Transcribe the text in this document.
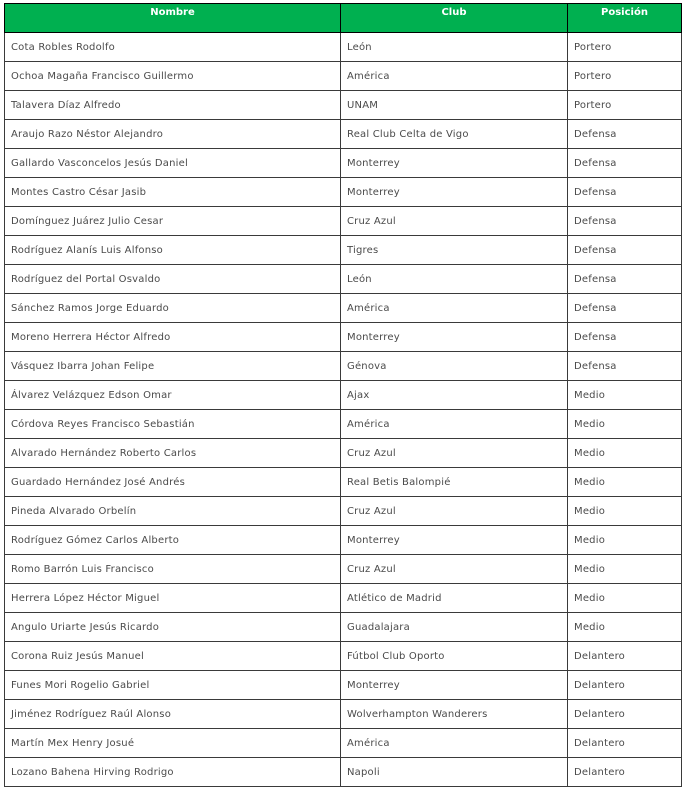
Nombre	Club	Posición
Cota Robles Rodolfo	León	Portero
Ochoa Magaña Francisco Guillermo	América	Portero
Talavera Díaz Alfredo	UNAM	Portero
Araujo Razo Néstor Alejandro	Real Club Celta de Vigo	Defensa
Gallardo Vasconcelos Jesús Daniel	Monterrey	Defensa
Montes Castro César Jasib	Monterrey	Defensa
Domínguez Juárez Julio Cesar	Cruz Azul	Defensa
Rodríguez Alanís Luis Alfonso	Tigres	Defensa
Rodríguez del Portal Osvaldo	León	Defensa
Sánchez Ramos Jorge Eduardo	América	Defensa
Moreno Herrera Héctor Alfredo	Monterrey	Defensa
Vásquez Ibarra Johan Felipe	Génova	Defensa
Álvarez Velázquez Edson Omar	Ajax	Medio
Córdova Reyes Francisco Sebastián	América	Medio
Alvarado Hernández Roberto Carlos	Cruz Azul	Medio
Guardado Hernández José Andrés	Real Betis Balompié	Medio
Pineda Alvarado Orbelín	Cruz Azul	Medio
Rodríguez Gómez Carlos Alberto	Monterrey	Medio
Romo Barrón Luis Francisco	Cruz Azul	Medio
Herrera López Héctor Miguel	Atlético de Madrid	Medio
Angulo Uriarte Jesús Ricardo	Guadalajara	Medio
Corona Ruiz Jesús Manuel	Fútbol Club Oporto	Delantero
Funes Mori Rogelio Gabriel	Monterrey	Delantero
Jiménez Rodríguez Raúl Alonso	Wolverhampton Wanderers	Delantero
Martín Mex Henry Josué	América	Delantero
Lozano Bahena Hirving Rodrigo	Napoli	Delantero
